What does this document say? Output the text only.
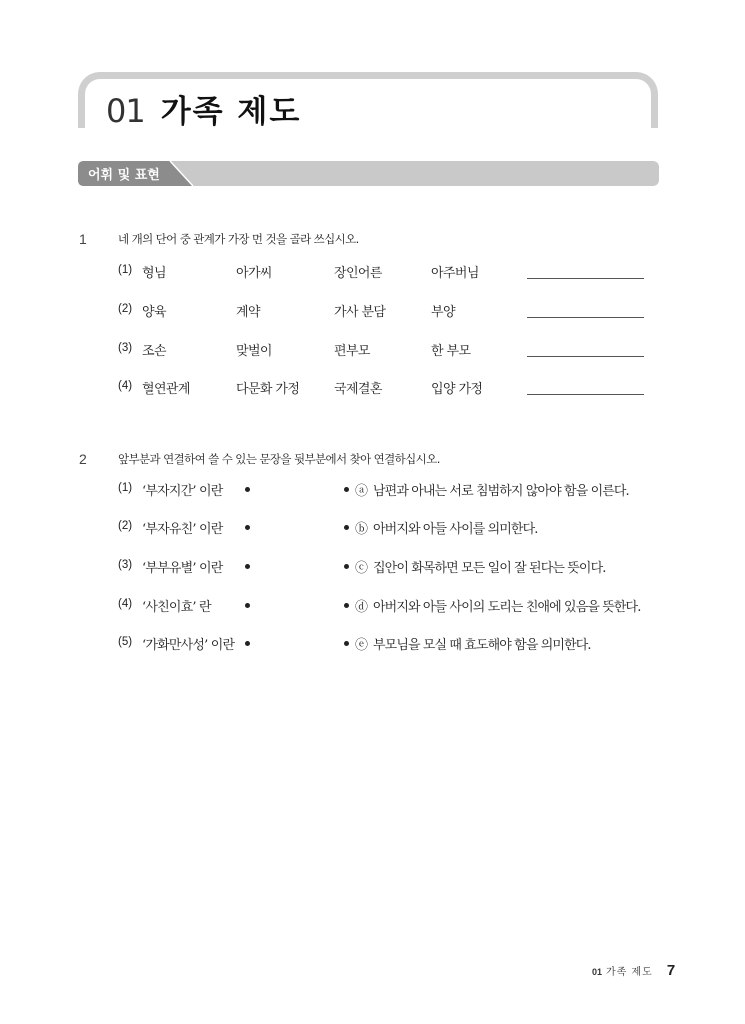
01 가족 제도
어휘 및 표현
1	네 개의 단어 중 관계가 가장 먼 것을 골라 쓰십시오.
(1) 형님	아가씨	장인어른	아주버님
(2) 양육	계약	가사 분담	부양
(3) 조손	맞벌이	편부모	한 부모
(4) 혈연관계	다문화 가정	국제결혼	입양 가정
2	앞부분과 연결하여 쓸 수 있는 문장을 뒷부분에서 찾아 연결하십시오.
(1) ‘부자지간’ 이란	ⓐ 남편과 아내는 서로 침범하지 않아야 함을 이른다.
(2) ‘부자유친’ 이란	ⓑ 아버지와 아들 사이를 의미한다.
(3) ‘부부유별’ 이란	ⓒ 집안이 화목하면 모든 일이 잘 된다는 뜻이다.
(4) ‘사친이효’ 란	ⓓ 아버지와 아들 사이의 도리는 친애에 있음을 뜻한다.
(5) ‘가화만사성’ 이란	ⓔ 부모님을 모실 때 효도해야 함을 의미한다.
01 가족 제도 7
